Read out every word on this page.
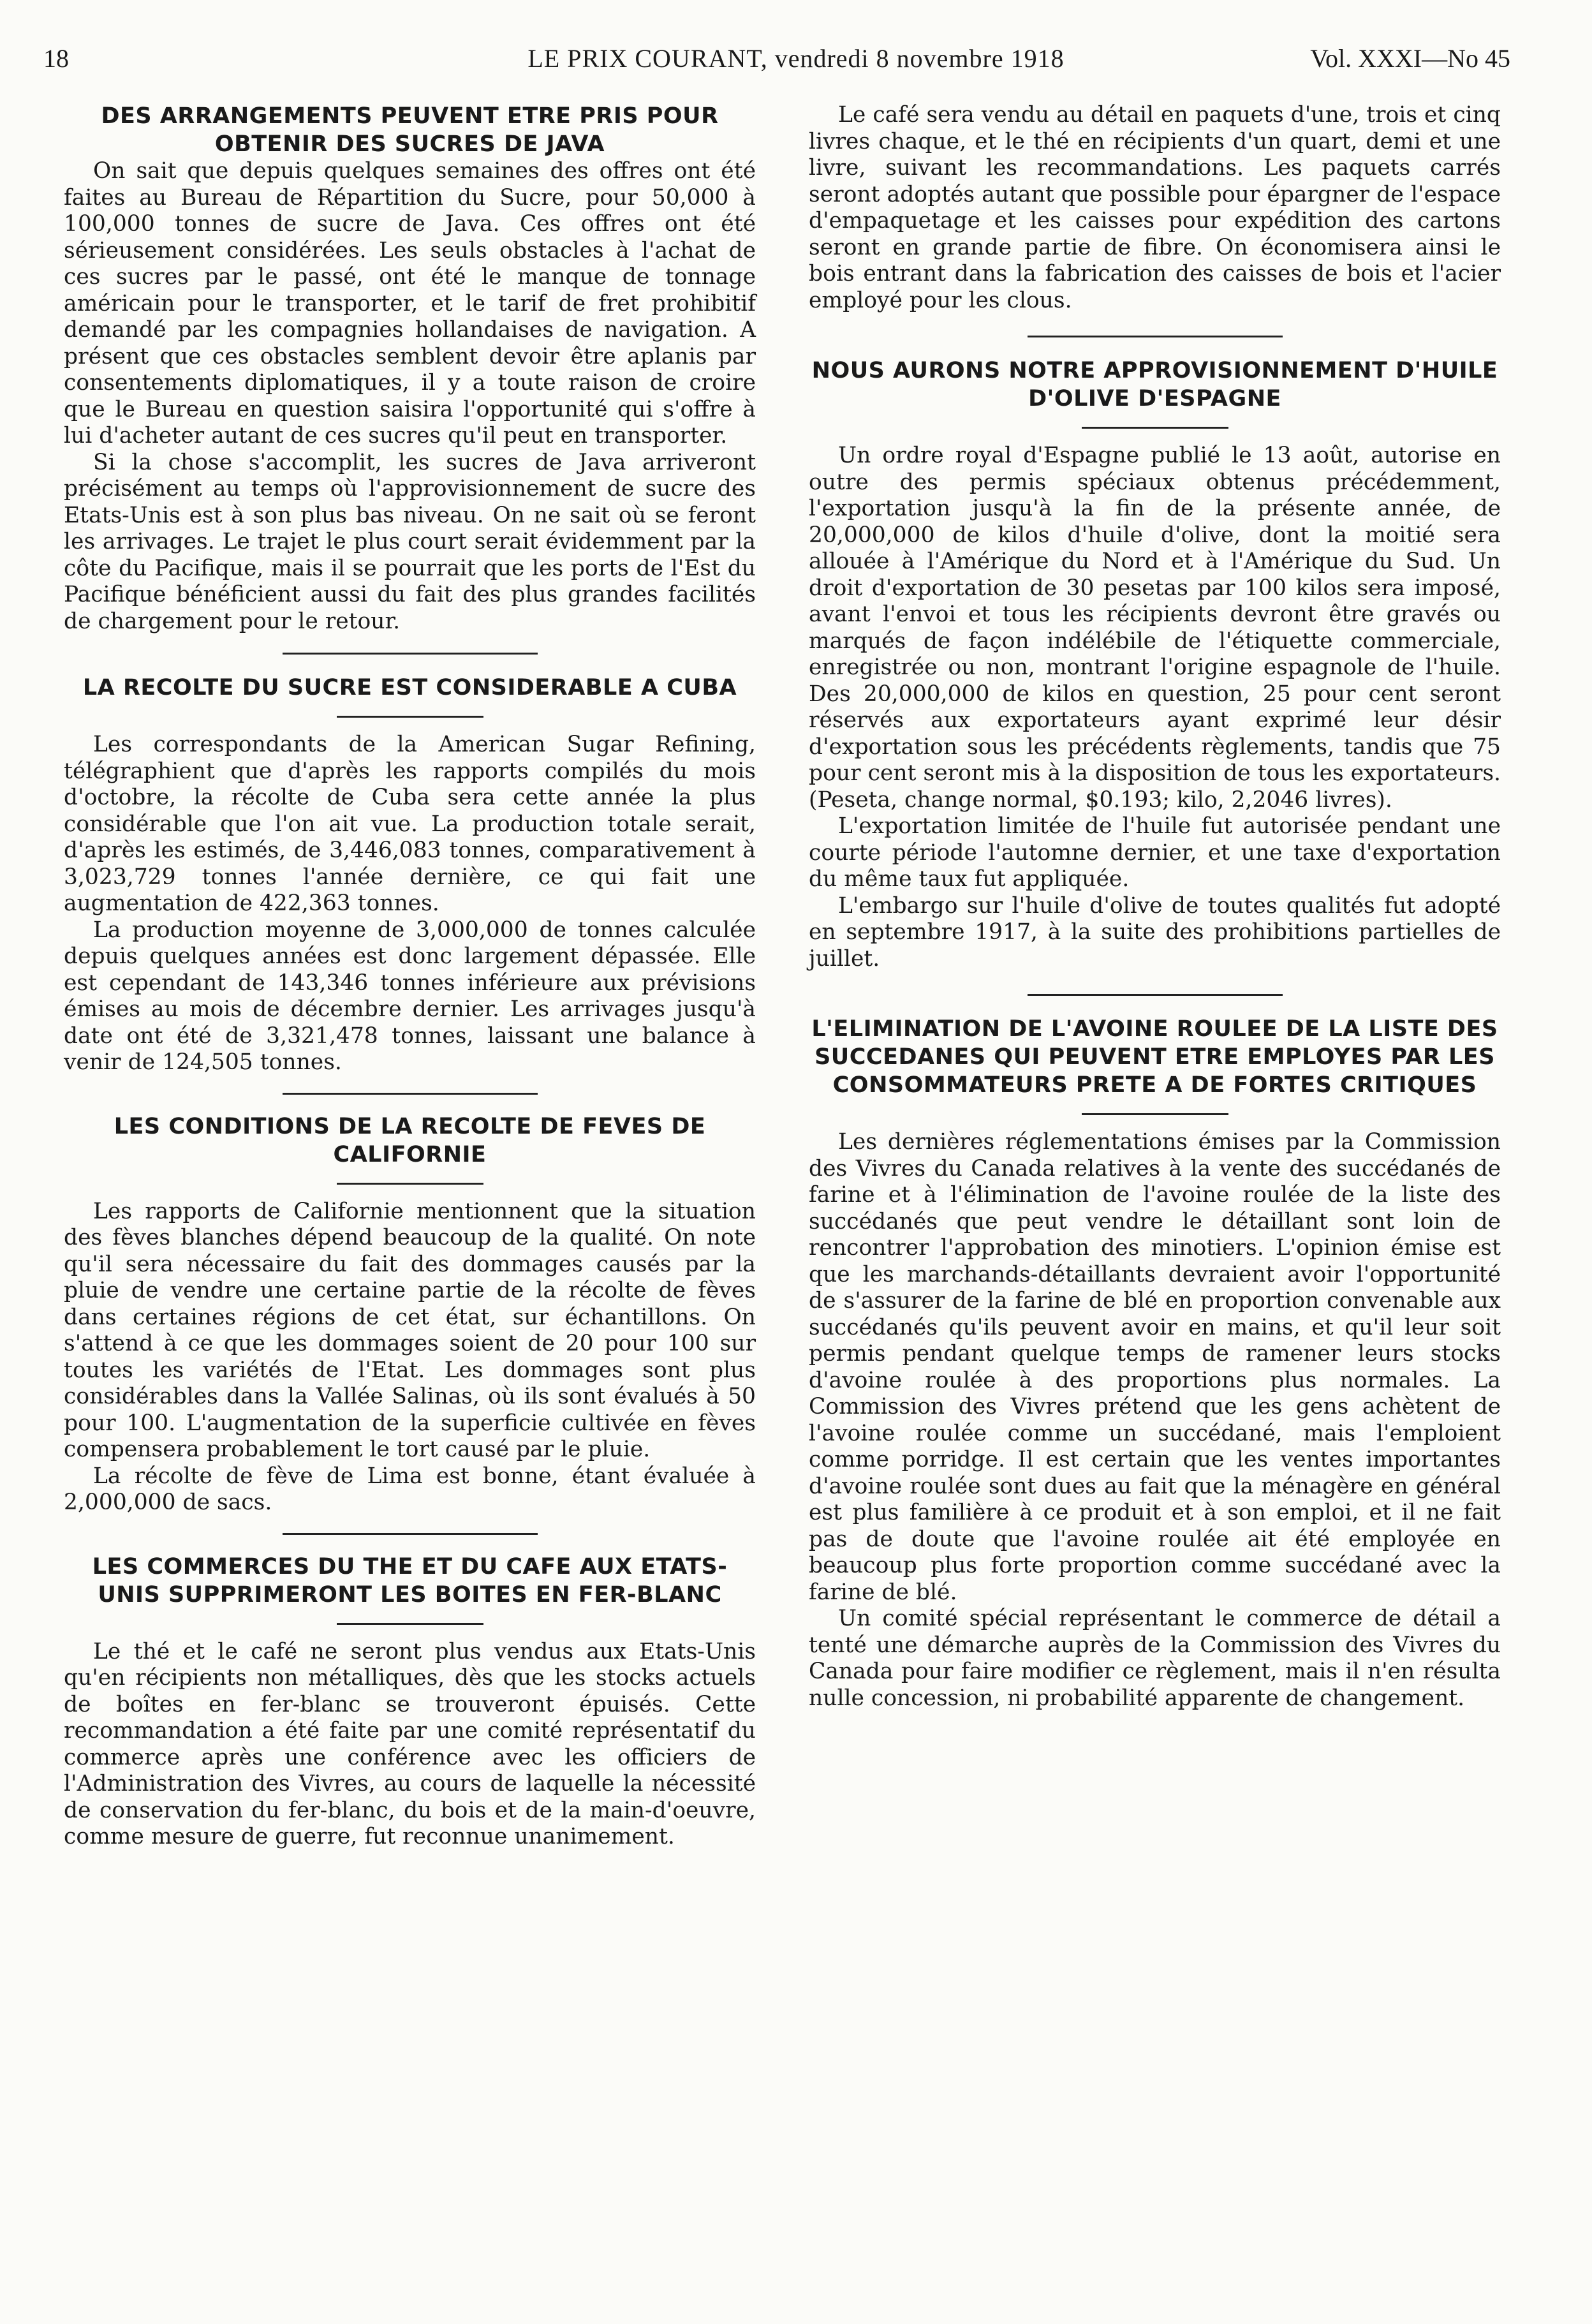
18	LE PRIX COURANT, vendredi 8 novembre 1918	Vol. XXXI—No 45
DES ARRANGEMENTS PEUVENT ETRE PRIS POUR OBTENIR DES SUCRES DE JAVA

On sait que depuis quelques semaines des offres ont été faites au Bureau de Répartition du Sucre, pour 50,000 à 100,000 tonnes de sucre de Java. Ces offres ont été sérieusement considérées. Les seuls obstacles à l'achat de ces sucres par le passé, ont été le manque de tonnage américain pour le transporter, et le tarif de fret prohibitif demandé par les compagnies hollandaises de navigation. A présent que ces obstacles semblent devoir être aplanis par consentements diplomatiques, il y a toute raison de croire que le Bureau en question saisira l'opportunité qui s'offre à lui d'acheter autant de ces sucres qu'il peut en transporter.

Si la chose s'accomplit, les sucres de Java arriveront précisément au temps où l'approvisionnement de sucre des Etats-Unis est à son plus bas niveau. On ne sait où se feront les arrivages. Le trajet le plus court serait évidemment par la côte du Pacifique, mais il se pourrait que les ports de l'Est du Pacifique bénéficient aussi du fait des plus grandes facilités de chargement pour le retour.

LA RECOLTE DU SUCRE EST CONSIDERABLE A CUBA

Les correspondants de la American Sugar Refining, télégraphient que d'après les rapports compilés du mois d'octobre, la récolte de Cuba sera cette année la plus considérable que l'on ait vue. La production totale serait, d'après les estimés, de 3,446,083 tonnes, comparativement à 3,023,729 tonnes l'année dernière, ce qui fait une augmentation de 422,363 tonnes.

La production moyenne de 3,000,000 de tonnes calculée depuis quelques années est donc largement dépassée. Elle est cependant de 143,346 tonnes inférieure aux prévisions émises au mois de décembre dernier. Les arrivages jusqu'à date ont été de 3,321,478 tonnes, laissant une balance à venir de 124,505 tonnes.

LES CONDITIONS DE LA RECOLTE DE FEVES DE CALIFORNIE

Les rapports de Californie mentionnent que la situation des fèves blanches dépend beaucoup de la qualité. On note qu'il sera nécessaire du fait des dommages causés par la pluie de vendre une certaine partie de la récolte de fèves dans certaines régions de cet état, sur échantillons. On s'attend à ce que les dommages soient de 20 pour 100 sur toutes les variétés de l'Etat. Les dommages sont plus considérables dans la Vallée Salinas, où ils sont évalués à 50 pour 100. L'augmentation de la superficie cultivée en fèves compensera probablement le tort causé par le pluie.

La récolte de fève de Lima est bonne, étant évaluée à 2,000,000 de sacs.

LES COMMERCES DU THE ET DU CAFE AUX ETATS-UNIS SUPPRIMERONT LES BOITES EN FER-BLANC

Le thé et le café ne seront plus vendus aux Etats-Unis qu'en récipients non métalliques, dès que les stocks actuels de boîtes en fer-blanc se trouveront épuisés. Cette recommandation a été faite par une comité représentatif du commerce après une conférence avec les officiers de l'Administration des Vivres, au cours de laquelle la nécessité de conservation du fer-blanc, du bois et de la main-d'oeuvre, comme mesure de guerre, fut reconnue unanimement.

Le café sera vendu au détail en paquets d'une, trois et cinq livres chaque, et le thé en récipients d'un quart, demi et une livre, suivant les recommandations. Les paquets carrés seront adoptés autant que possible pour épargner de l'espace d'empaquetage et les caisses pour expédition des cartons seront en grande partie de fibre. On économisera ainsi le bois entrant dans la fabrication des caisses de bois et l'acier employé pour les clous.

NOUS AURONS NOTRE APPROVISIONNEMENT D'HUILE D'OLIVE D'ESPAGNE

Un ordre royal d'Espagne publié le 13 août, autorise en outre des permis spéciaux obtenus précédemment, l'exportation jusqu'à la fin de la présente année, de 20,000,000 de kilos d'huile d'olive, dont la moitié sera allouée à l'Amérique du Nord et à l'Amérique du Sud. Un droit d'exportation de 30 pesetas par 100 kilos sera imposé, avant l'envoi et tous les récipients devront être gravés ou marqués de façon indélébile de l'étiquette commerciale, enregistrée ou non, montrant l'origine espagnole de l'huile. Des 20,000,000 de kilos en question, 25 pour cent seront réservés aux exportateurs ayant exprimé leur désir d'exportation sous les précédents règlements, tandis que 75 pour cent seront mis à la disposition de tous les exportateurs. (Peseta, change normal, $0.193; kilo, 2,2046 livres).

L'exportation limitée de l'huile fut autorisée pendant une courte période l'automne dernier, et une taxe d'exportation du même taux fut appliquée.

L'embargo sur l'huile d'olive de toutes qualités fut adopté en septembre 1917, à la suite des prohibitions partielles de juillet.

L'ELIMINATION DE L'AVOINE ROULEE DE LA LISTE DES SUCCEDANES QUI PEUVENT ETRE EMPLOYES PAR LES CONSOMMATEURS PRETE A DE FORTES CRITIQUES

Les dernières réglementations émises par la Commission des Vivres du Canada relatives à la vente des succédanés de farine et à l'élimination de l'avoine roulée de la liste des succédanés que peut vendre le détaillant sont loin de rencontrer l'approbation des minotiers. L'opinion émise est que les marchands-détaillants devraient avoir l'opportunité de s'assurer de la farine de blé en proportion convenable aux succédanés qu'ils peuvent avoir en mains, et qu'il leur soit permis pendant quelque temps de ramener leurs stocks d'avoine roulée à des proportions plus normales. La Commission des Vivres prétend que les gens achètent de l'avoine roulée comme un succédané, mais l'emploient comme porridge. Il est certain que les ventes importantes d'avoine roulée sont dues au fait que la ménagère en général est plus familière à ce produit et à son emploi, et il ne fait pas de doute que l'avoine roulée ait été employée en beaucoup plus forte proportion comme succédané avec la farine de blé.

Un comité spécial représentant le commerce de détail a tenté une démarche auprès de la Commission des Vivres du Canada pour faire modifier ce règlement, mais il n'en résulta nulle concession, ni probabilité apparente de changement.
